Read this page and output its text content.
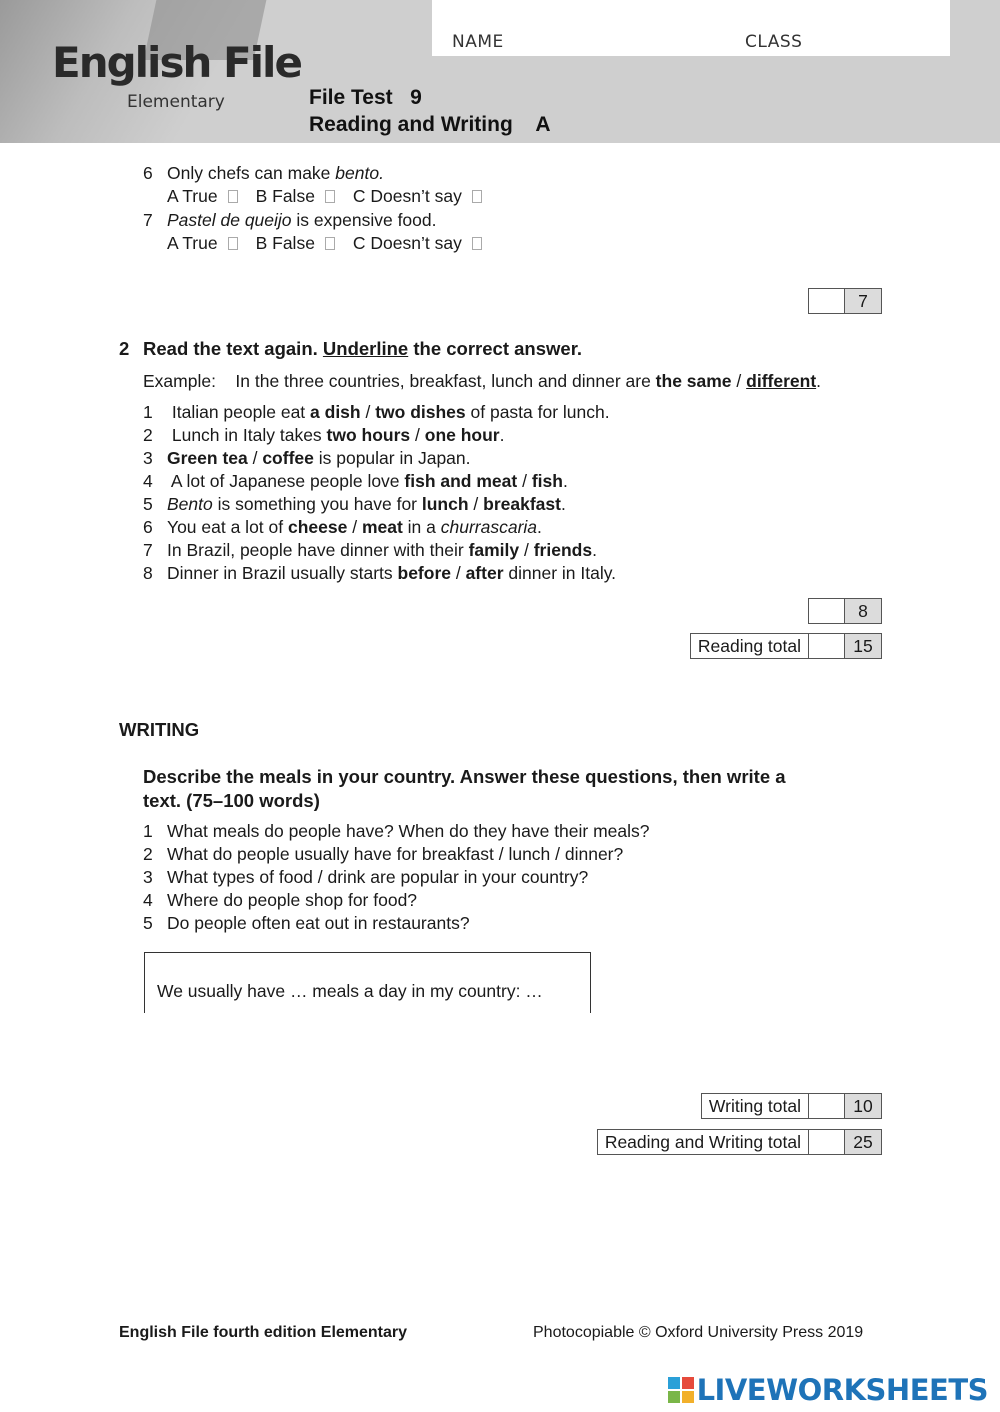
NAME	CLASS
English File
Elementary	File Test   9
Reading and Writing    A
6 Only chefs can make bento.
A True B False C Doesn’t say
7 Pastel de queijo is expensive food.
A True B False C Doesn’t say
7
2 Read the text again. Underline the correct answer.
Example: In the three countries, breakfast, lunch and dinner are the same / different.
1 Italian people eat a dish / two dishes of pasta for lunch.
2 Lunch in Italy takes two hours / one hour.
3 Green tea / coffee is popular in Japan.
4 A lot of Japanese people love fish and meat / fish.
5 Bento is something you have for lunch / breakfast.
6 You eat a lot of cheese / meat in a churrascaria.
7 In Brazil, people have dinner with their family / friends.
8 Dinner in Brazil usually starts before / after dinner in Italy.
8
Reading total	15
WRITING
Describe the meals in your country. Answer these questions, then write a
text. (75–100 words)
1 What meals do people have? When do they have their meals?
2 What do people usually have for breakfast / lunch / dinner?
3 What types of food / drink are popular in your country?
4 Where do people shop for food?
5 Do people often eat out in restaurants?
We usually have … meals a day in my country: …
Writing total	10
Reading and Writing total	25
English File fourth edition Elementary	Photocopiable © Oxford University Press 2019
LIVEWORKSHEETS
